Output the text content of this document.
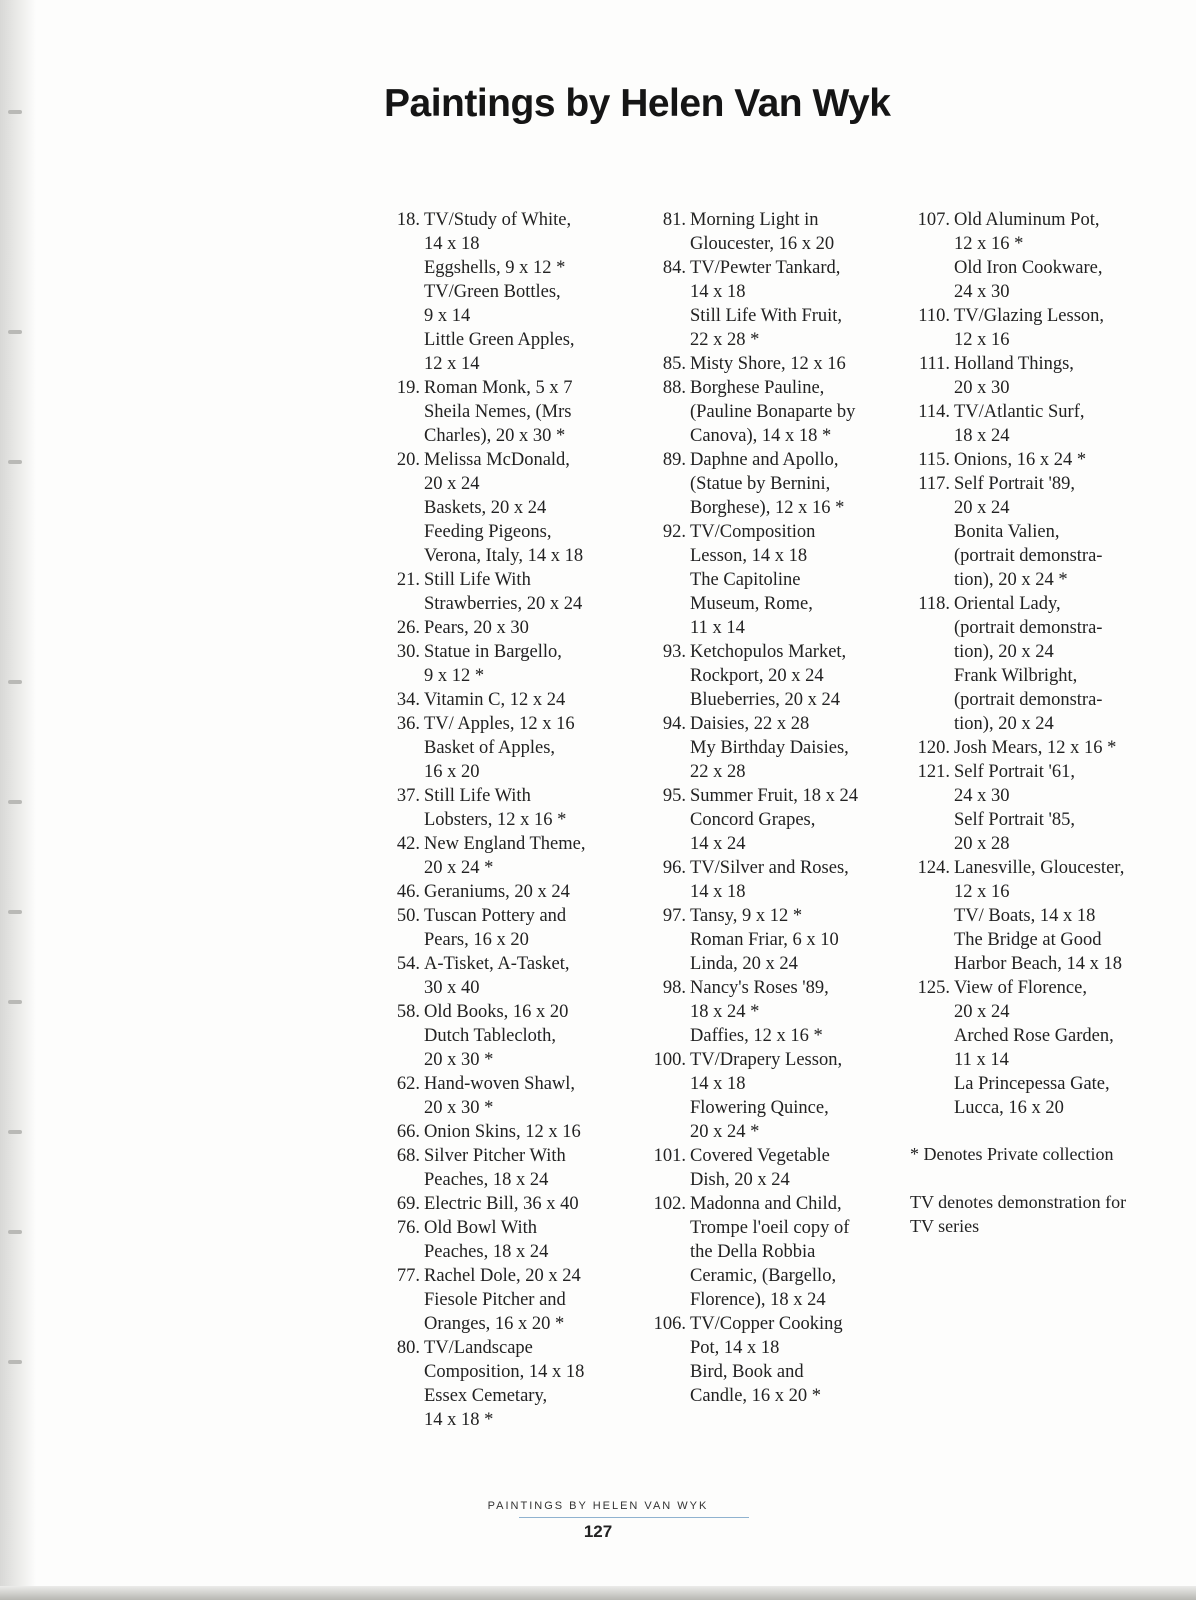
Paintings by Helen Van Wyk
18. TV/Study of White,
14 x 18
Eggshells, 9 x 12 *
TV/Green Bottles,
9 x 14
Little Green Apples,
12 x 14
19. Roman Monk, 5 x 7
Sheila Nemes, (Mrs
Charles), 20 x 30 *
20. Melissa McDonald,
20 x 24
Baskets, 20 x 24
Feeding Pigeons,
Verona, Italy, 14 x 18
21. Still Life With
Strawberries, 20 x 24
26. Pears, 20 x 30
30. Statue in Bargello,
9 x 12 *
34. Vitamin C, 12 x 24
36. TV/ Apples, 12 x 16
Basket of Apples,
16 x 20
37. Still Life With
Lobsters, 12 x 16 *
42. New England Theme,
20 x 24 *
46. Geraniums, 20 x 24
50. Tuscan Pottery and
Pears, 16 x 20
54. A-Tisket, A-Tasket,
30 x 40
58. Old Books, 16 x 20
Dutch Tablecloth,
20 x 30 *
62. Hand-woven Shawl,
20 x 30 *
66. Onion Skins, 12 x 16
68. Silver Pitcher With
Peaches, 18 x 24
69. Electric Bill, 36 x 40
76. Old Bowl With
Peaches, 18 x 24
77. Rachel Dole, 20 x 24
Fiesole Pitcher and
Oranges, 16 x 20 *
80. TV/Landscape
Composition, 14 x 18
Essex Cemetary,
14 x 18 *
81. Morning Light in
Gloucester, 16 x 20
84. TV/Pewter Tankard,
14 x 18
Still Life With Fruit,
22 x 28 *
85. Misty Shore, 12 x 16
88. Borghese Pauline,
(Pauline Bonaparte by
Canova), 14 x 18 *
89. Daphne and Apollo,
(Statue by Bernini,
Borghese), 12 x 16 *
92. TV/Composition
Lesson, 14 x 18
The Capitoline
Museum, Rome,
11 x 14
93. Ketchopulos Market,
Rockport, 20 x 24
Blueberries, 20 x 24
94. Daisies, 22 x 28
My Birthday Daisies,
22 x 28
95. Summer Fruit, 18 x 24
Concord Grapes,
14 x 24
96. TV/Silver and Roses,
14 x 18
97. Tansy, 9 x 12 *
Roman Friar, 6 x 10
Linda, 20 x 24
98. Nancy's Roses '89,
18 x 24 *
Daffies, 12 x 16 *
100. TV/Drapery Lesson,
14 x 18
Flowering Quince,
20 x 24 *
101. Covered Vegetable
Dish, 20 x 24
102. Madonna and Child,
Trompe l'oeil copy of
the Della Robbia
Ceramic, (Bargello,
Florence), 18 x 24
106. TV/Copper Cooking
Pot, 14 x 18
Bird, Book and
Candle, 16 x 20 *
107. Old Aluminum Pot,
12 x 16 *
Old Iron Cookware,
24 x 30
110. TV/Glazing Lesson,
12 x 16
111. Holland Things,
20 x 30
114. TV/Atlantic Surf,
18 x 24
115. Onions, 16 x 24 *
117. Self Portrait '89,
20 x 24
Bonita Valien,
(portrait demonstra-
tion), 20 x 24 *
118. Oriental Lady,
(portrait demonstra-
tion), 20 x 24
Frank Wilbright,
(portrait demonstra-
tion), 20 x 24
120. Josh Mears, 12 x 16 *
121. Self Portrait '61,
24 x 30
Self Portrait '85,
20 x 28
124. Lanesville, Gloucester,
12 x 16
TV/ Boats, 14 x 18
The Bridge at Good
Harbor Beach, 14 x 18
125. View of Florence,
20 x 24
Arched Rose Garden,
11 x 14
La Princepessa Gate,
Lucca, 16 x 20
* Denotes Private collection
TV denotes demonstration for TV series
PAINTINGS BY HELEN VAN WYK
127
